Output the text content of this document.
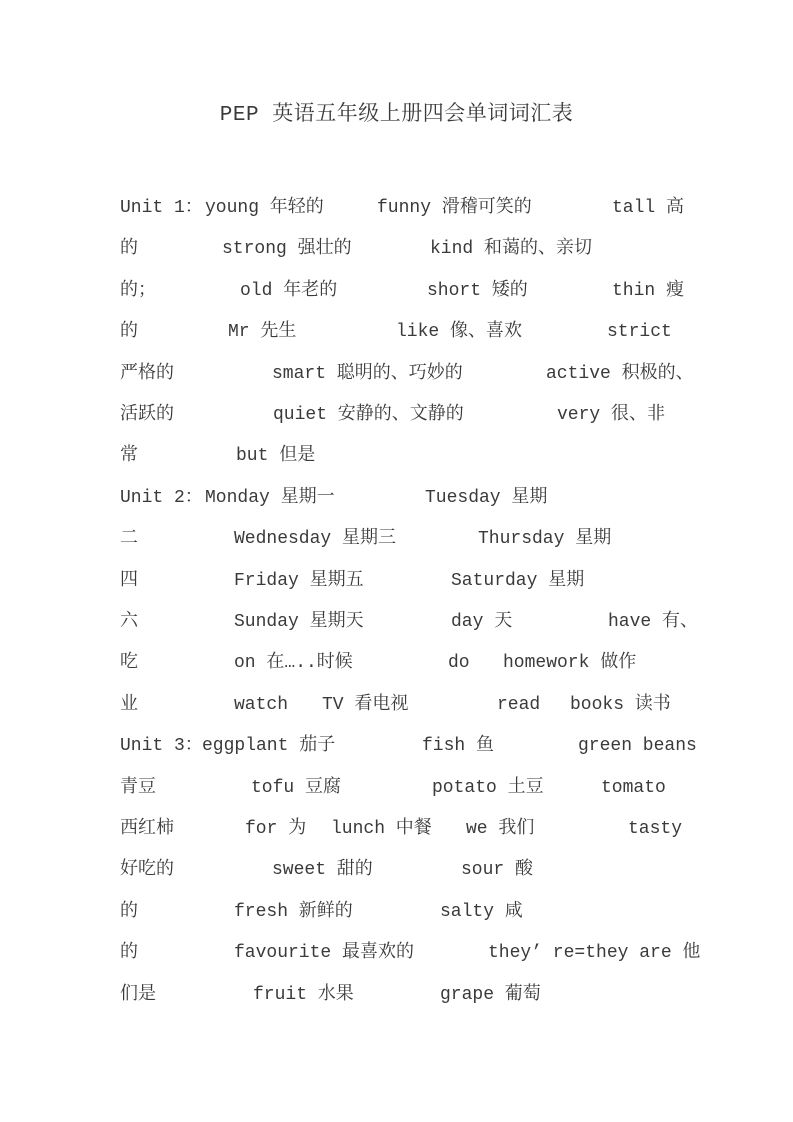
PEP 英语五年级上册四会单词词汇表
Unit 1： young 年轻的	funny 滑稽可笑的	tall 高
的	strong 强壮的	kind 和蔼的、亲切
的；	old 年老的	short 矮的	thin 瘦
的	Mr 先生	like 像、喜欢	strict
严格的	smart 聪明的、巧妙的	active 积极的、
活跃的	quiet 安静的、文静的	very 很、非
常	but 但是
Unit 2： Monday 星期一	Tuesday 星期
二	Wednesday 星期三	Thursday 星期
四	Friday 星期五	Saturday 星期
六	Sunday 星期天	day 天	have 有、
吃	on 在…..时候	do homework 做作
业	watch TV 看电视	read books 读书
Unit 3： eggplant 茄子	fish 鱼	green beans
青豆	tofu 豆腐	potato 土豆	tomato
西红柿	for 为 lunch 中餐 we 我们	tasty
好吃的	sweet 甜的	sour 酸
的	fresh 新鲜的	salty 咸
的	favourite 最喜欢的	they’ re=they are 他
们是	fruit 水果	grape 葡萄
